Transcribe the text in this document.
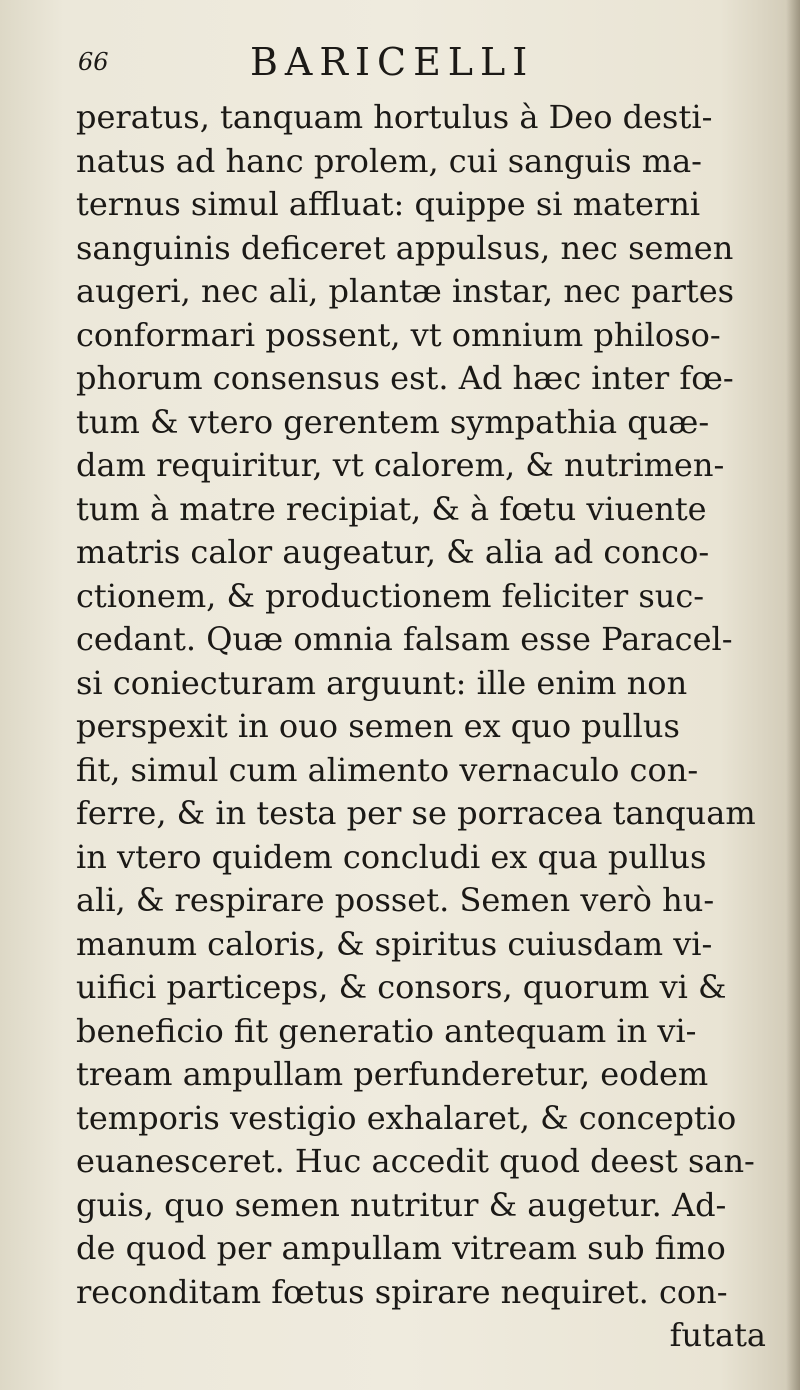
66	BARICELLI
peratus, tanquam hortulus à Deo desti-
natus ad hanc prolem, cui sanguis ma-
ternus simul affluat: quippe si materni
sanguinis deficeret appulsus, nec semen
augeri, nec ali, plantæ instar, nec partes
conformari possent, vt omnium philoso-
phorum consensus est. Ad hæc inter fœ-
tum & vtero gerentem sympathia quæ-
dam requiritur, vt calorem, & nutrimen-
tum à matre recipiat, & à fœtu viuente
matris calor augeatur, & alia ad conco-
ctionem, & productionem feliciter suc-
cedant. Quæ omnia falsam esse Paracel-
si coniecturam arguunt: ille enim non
perspexit in ouo semen ex quo pullus
fit, simul cum alimento vernaculo con-
ferre, & in testa per se porracea tanquam
in vtero quidem concludi ex qua pullus
ali, & respirare posset. Semen verò hu-
manum caloris, & spiritus cuiusdam vi-
uifici particeps, & consors, quorum vi &
beneficio fit generatio antequam in vi-
tream ampullam perfunderetur, eodem
temporis vestigio exhalaret, & conceptio
euanesceret. Huc accedit quod deest san-
guis, quo semen nutritur & augetur. Ad-
de quod per ampullam vitream sub fimo
reconditam fœtus spirare nequiret. con-
futata
